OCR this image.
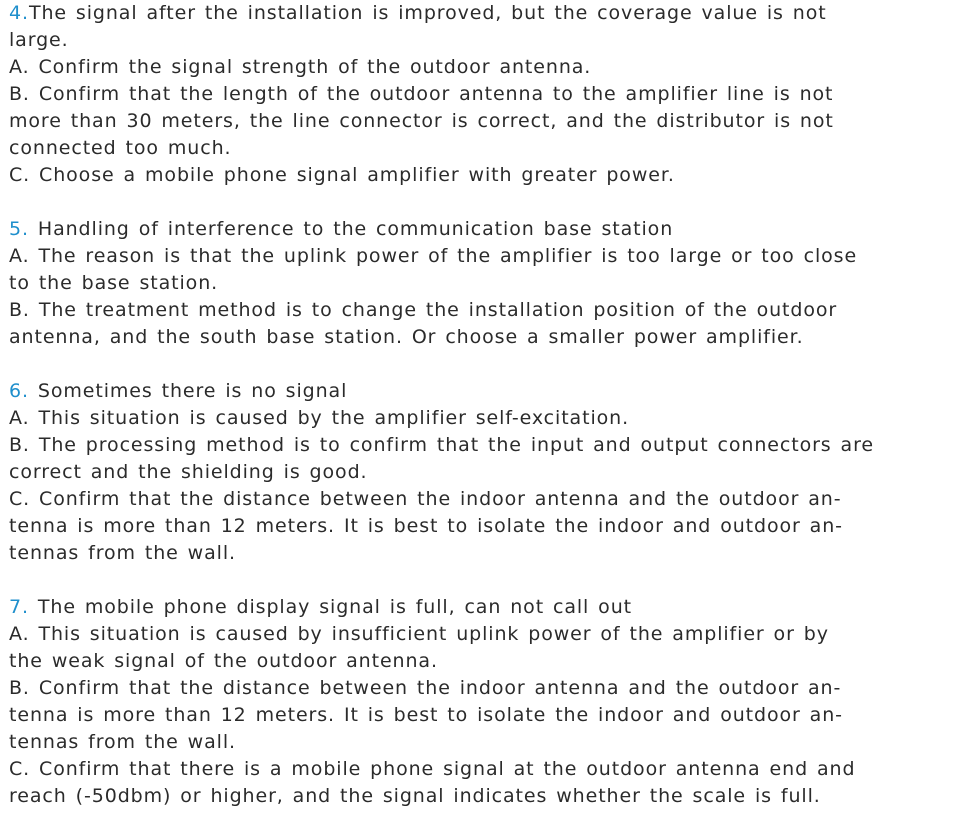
4.The signal after the installation is improved, but the coverage value is not
large.
A. Confirm the signal strength of the outdoor antenna.
B. Confirm that the length of the outdoor antenna to the amplifier line is not
more than 30 meters, the line connector is correct, and the distributor is not
connected too much.
C. Choose a mobile phone signal amplifier with greater power.
5. Handling of interference to the communication base station
A. The reason is that the uplink power of the amplifier is too large or too close
to the base station.
B. The treatment method is to change the installation position of the outdoor
antenna, and the south base station. Or choose a smaller power amplifier.
6. Sometimes there is no signal
A. This situation is caused by the amplifier self-excitation.
B. The processing method is to confirm that the input and output connectors are
correct and the shielding is good.
C. Confirm that the distance between the indoor antenna and the outdoor an-
tenna is more than 12 meters. It is best to isolate the indoor and outdoor an-
tennas from the wall.
7. The mobile phone display signal is full, can not call out
A. This situation is caused by insufficient uplink power of the amplifier or by
the weak signal of the outdoor antenna.
B. Confirm that the distance between the indoor antenna and the outdoor an-
tenna is more than 12 meters. It is best to isolate the indoor and outdoor an-
tennas from the wall.
C. Confirm that there is a mobile phone signal at the outdoor antenna end and
reach (-50dbm) or higher, and the signal indicates whether the scale is full.
